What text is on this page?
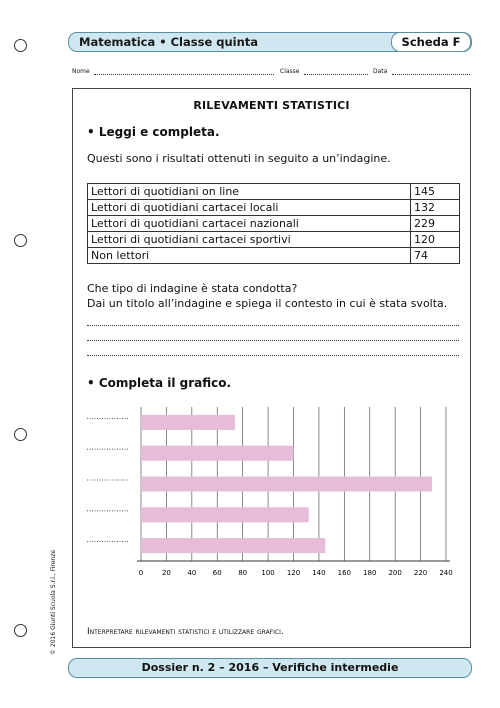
Matematica • Classe quinta	Scheda F
Nome	Classe	Data
RILEVAMENTI STATISTICI
• Leggi e completa.
Questi sono i risultati ottenuti in seguito a un’indagine.
Lettori di quotidiani on line	145
Lettori di quotidiani cartacei locali	132
Lettori di quotidiani cartacei nazionali	229
Lettori di quotidiani cartacei sportivi	120
Non lettori	74
Che tipo di indagine è stata condotta?
Dai un titolo all’indagine e spiega il contesto in cui è stata svolta.
• Completa il grafico.
0	20 40 60 80 100 120 140 160 180 200 220 240
Interpretare rilevamenti statistici e utilizzare grafici.
© 2016 Giunti Scuola S.r.l., Firenze
Dossier n. 2 – 2016 – Verifiche intermedie
